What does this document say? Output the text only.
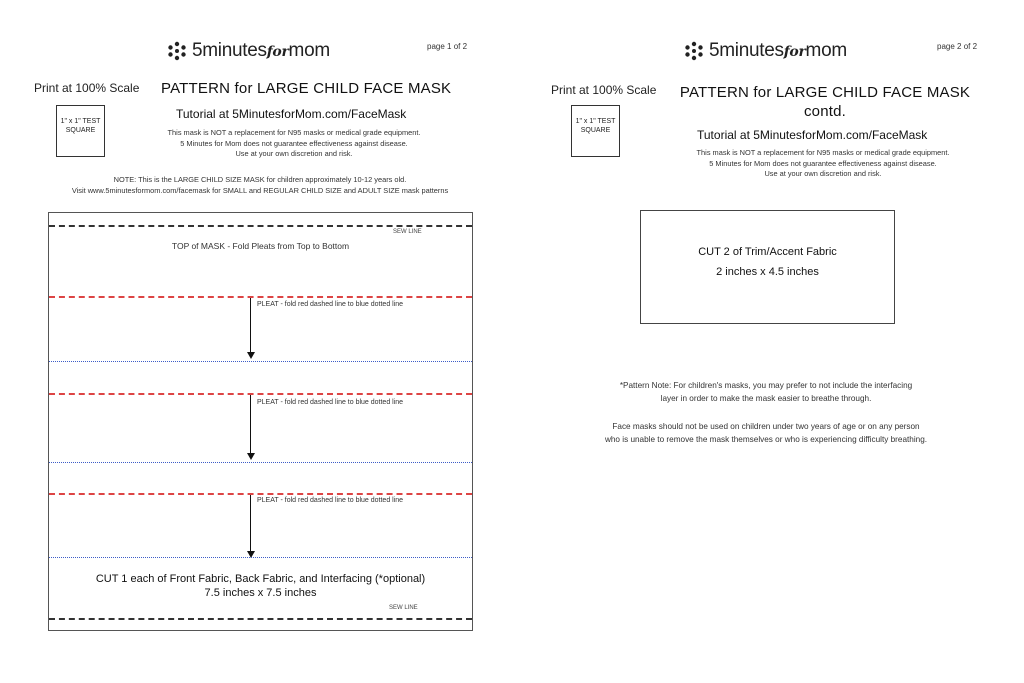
5minutesformom	page 1 of 2
Print at 100% Scale PATTERN for LARGE CHILD FACE MASK
1" x 1" TEST
SQUARE
Tutorial at 5MinutesforMom.com/FaceMask
This mask is NOT a replacement for N95 masks or medical grade equipment.
5 Minutes for Mom does not guarantee effectiveness against disease.
Use at your own discretion and risk.
NOTE: This is the LARGE CHILD SIZE MASK for children approximately 10-12 years old.
Visit www.5minutesformom.com/facemask for SMALL and REGULAR CHILD SIZE and ADULT SIZE mask patterns
SEW LINE
TOP of MASK - Fold Pleats from Top to Bottom
PLEAT - fold red dashed line to blue dotted line
PLEAT - fold red dashed line to blue dotted line
PLEAT - fold red dashed line to blue dotted line
CUT 1 each of Front Fabric, Back Fabric, and Interfacing (*optional)
7.5 inches x 7.5 inches
SEW LINE
5minutesformom	page 2 of 2
Print at 100% Scale	PATTERN for LARGE CHILD FACE MASK
contd.
1" x 1" TEST
SQUARE	Tutorial at 5MinutesforMom.com/FaceMask
This mask is NOT a replacement for N95 masks or medical grade equipment.
5 Minutes for Mom does not guarantee effectiveness against disease.
Use at your own discretion and risk.
CUT 2 of Trim/Accent Fabric
2 inches x 4.5 inches
*Pattern Note: For children's masks, you may prefer to not include the interfacing
layer in order to make the mask easier to breathe through.
Face masks should not be used on children under two years of age or on any person
who is unable to remove the mask themselves or who is experiencing difficulty breathing.
